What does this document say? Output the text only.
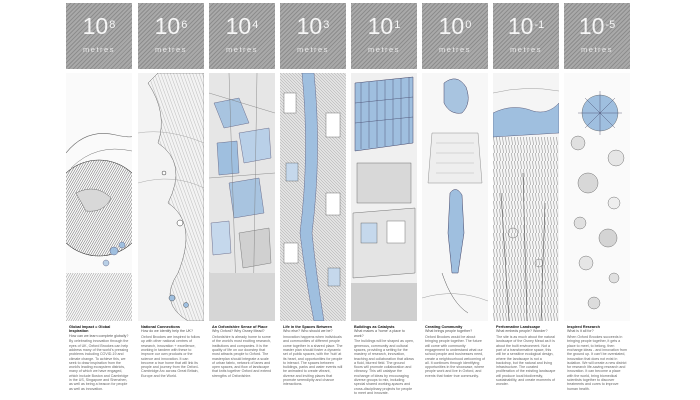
$10^8$
metres
Global Impact = Global Inspiration
How can we learn complete globally?
By celebrating innovation through the eyes of UK, Oxford Brookes can help address many of the world's pressing problems including COVID-19 and climate change. To achieve this, we seek to draw inspiration from the world's leading ecosystem districts, many of which we have engaged, which include Boston and Cambridge in the US, Singapore and Shenzhen, as well as being a beacon for people as well as innovation.
$10^6$
metres
National Connections
How do we identify help the UK?
Oxford Brookes are inspired to follow up with other national centres of research, innovation + excellence, working in tandem with these to improve our own products or the science and innovation. It can become a true home that will link its people and journey from the Oxford-Cambridge Arc across Great Britain, Europe and the World.
$10^4$
metres
An Oxfordshire Sense of Place
Why Oxford? Why Osney Mead?
Oxfordshire is already home to some of the world's most exciting research, institutions and companies. It is the quality of life on our doorstep that most attracts people to Oxford. The masterplan should integrate a scale of urban fabric, network of lanes and open spaces, and flow of landscape that knits together Oxford and extend strengths of Oxfordshire.
$10^3$
metres
Life in the Spaces Between
Who else? Who should we be?
Innovation happens when individuals and communities of different people come together in a shared place. The master plan should foster a dynamic set of public spaces, with the 'hub' at its heart, and opportunities for people to interact. The spaces between buildings, parks and water events will be animated to create vibrant, diverse and inviting places that promote serendipity and chance interactions.
$10^1$
metres
Buildings as Catalysts
What makes a 'home' a place to work?
The buildings will be shaped as open, generous, community and cultural spaces, providing a setting for the mastery of research, innovation, teaching and collaboration that allows a fluid, blurred field. The ground floors will promote collaboration and vibrancy. This will catalyse the exchange of ideas by encouraging diverse groups to mix, including special shared working-spaces and cross-disciplinary projects for people to meet and innovate.
$10^0$
metres
Creating Community
What brings people together?
Oxford Brookes would be about bringing people together. The future will come with community engagement to understand what our school people and businesses need, create a neighbourhood welcoming of all. It continues through identifying opportunities in the showcase, where people work and live in Oxford, and events that foster true community.
$10^{-1}$
metres
Performative Landscape
What embeds people? Wonder?
The site is as much about the natural landscape of the Osney Mead as it is about the built environment. Not a part of a transformative space, this will be a sensitive ecological design, where the landscape is not a backdrop, but the natural and living infrastructure. The curated proliferation of the existing landscape will produce local biodiversity, sustainability, and create moments of wonder.
$10^{-5}$
metres
Inspired Research
What is it all for?
When Oxford Brookes succeeds in bringing people together, it gets a place to meet, to belong, then exchange ideas - and innovation from the ground up. It can't be overstated, innovation that does not exist in isolation. We will create a new district for research life-saving research and innovation. It can become a place with the world, bring biomedical scientists together to discover treatments and cures to improve human health.
